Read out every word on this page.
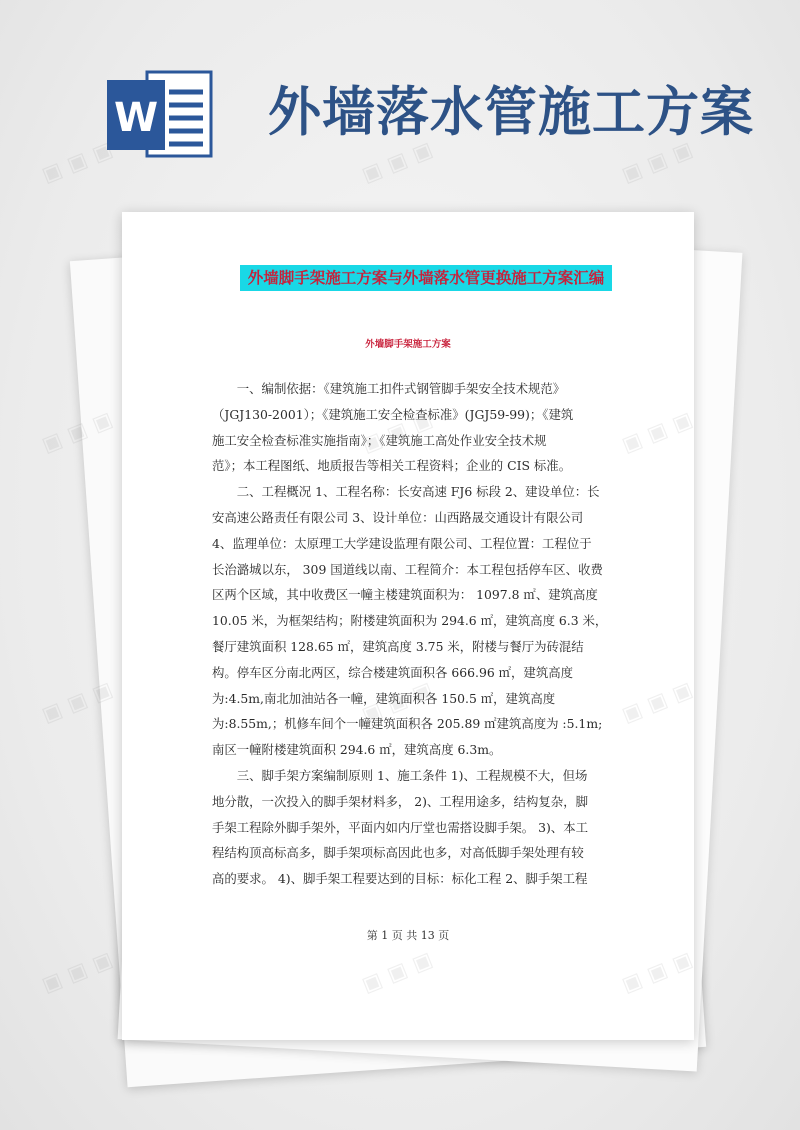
W 外墙落水管施工方案
外墙脚手架施工方案与外墙落水管更换施工方案汇编
外墙脚手架施工方案
　　一、编制依据：《建筑施工扣件式钢管脚手架安全技术规范》
（JGJ130-2001）；《建筑施工安全检查标准》(JGJ59-99)；《建筑
施工安全检查标准实施指南》；《建筑施工高处作业安全技术规
范》；本工程图纸、地质报告等相关工程资料；企业的 CIS 标准。
　　二、工程概况 1、工程名称：长安高速 FJ6 标段 2、建设单位：长
安高速公路责任有限公司 3、设计单位：山西路晟交通设计有限公司
4、监理单位：太原理工大学建设监理有限公司、工程位置：工程位于
长治潞城以东， 309 国道线以南、工程简介：本工程包括停车区、收费
区两个区域，其中收费区一幢主楼建筑面积为： 1097.8 ㎡、建筑高度
10.05 米，为框架结构；附楼建筑面积为 294.6 ㎡，建筑高度 6.3 米，
餐厅建筑面积 128.65 ㎡，建筑高度 3.75 米，附楼与餐厅为砖混结
构。停车区分南北两区，综合楼建筑面积各 666.96 ㎡，建筑高度
为:4.5m,南北加油站各一幢，建筑面积各 150.5 ㎡，建筑高度
为:8.55m,；机修车间个一幢建筑面积各 205.89 ㎡建筑高度为 :5.1m;
南区一幢附楼建筑面积 294.6 ㎡，建筑高度 6.3m。
　　三、脚手架方案编制原则 1、施工条件 1)、工程规模不大，但场
地分散，一次投入的脚手架材料多， 2)、工程用途多，结构复杂，脚
手架工程除外脚手架外，平面内如内厅堂也需搭设脚手架。 3)、本工
程结构顶高标高多，脚手架项标高因此也多，对高低脚手架处理有较
高的要求。 4)、脚手架工程要达到的目标：标化工程 2、脚手架工程
第 1 页 共 13 页
